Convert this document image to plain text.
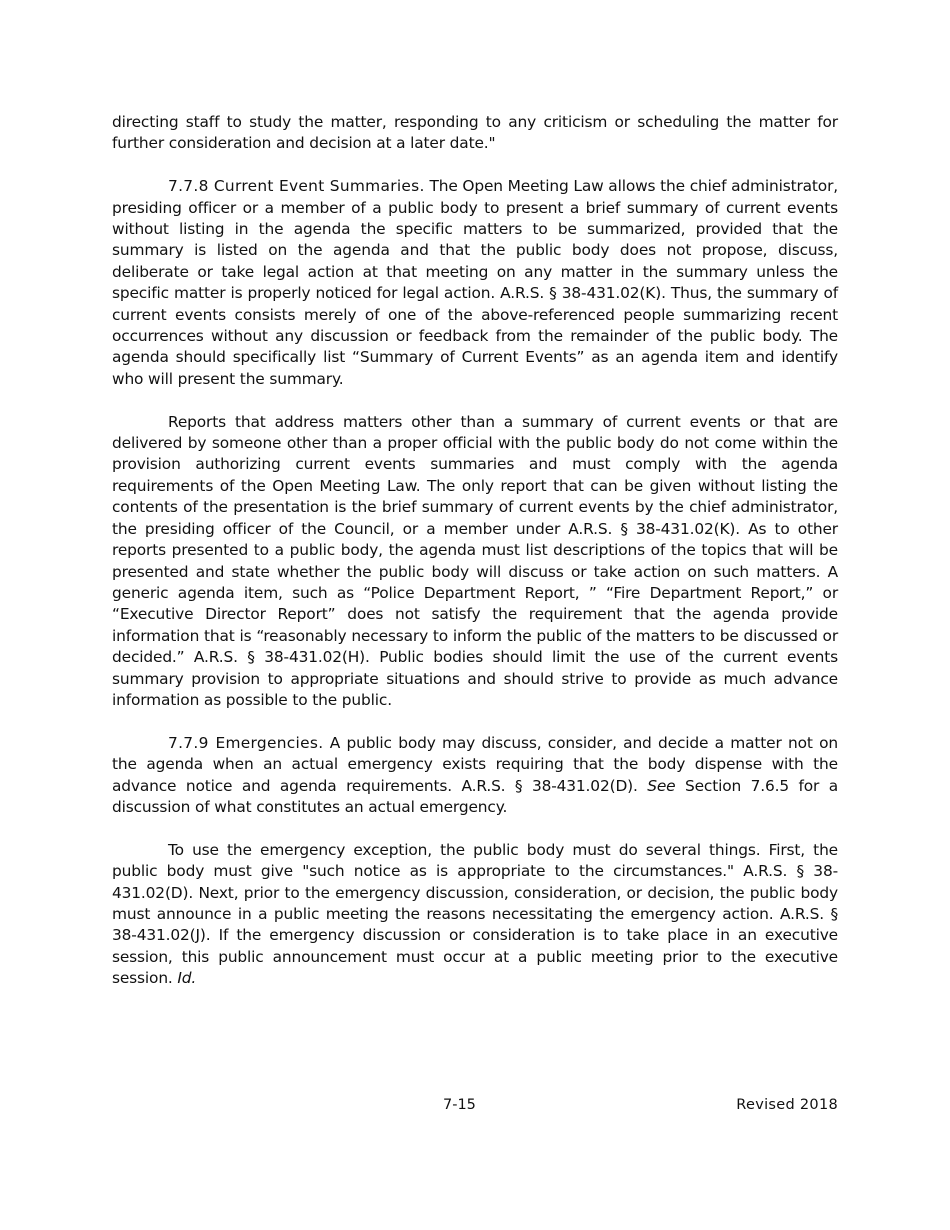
directing staff to study the matter, responding to any criticism or scheduling the matter for further consideration and decision at a later date."

7.7.8 Current Event Summaries. The Open Meeting Law allows the chief administrator, presiding officer or a member of a public body to present a brief summary of current events without listing in the agenda the specific matters to be summarized, provided that the summary is listed on the agenda and that the public body does not propose, discuss, deliberate or take legal action at that meeting on any matter in the summary unless the specific matter is properly noticed for legal action. A.R.S. § 38-431.02(K). Thus, the summary of current events consists merely of one of the above-referenced people summarizing recent occurrences without any discussion or feedback from the remainder of the public body. The agenda should specifically list “Summary of Current Events” as an agenda item and identify who will present the summary.

Reports that address matters other than a summary of current events or that are delivered by someone other than a proper official with the public body do not come within the provision authorizing current events summaries and must comply with the agenda requirements of the Open Meeting Law. The only report that can be given without listing the contents of the presentation is the brief summary of current events by the chief administrator, the presiding officer of the Council, or a member under A.R.S. § 38-431.02(K). As to other reports presented to a public body, the agenda must list descriptions of the topics that will be presented and state whether the public body will discuss or take action on such matters. A generic agenda item, such as “Police Department Report, ” “Fire Department Report,” or “Executive Director Report” does not satisfy the requirement that the agenda provide information that is “reasonably necessary to inform the public of the matters to be discussed or decided.” A.R.S. § 38-431.02(H). Public bodies should limit the use of the current events summary provision to appropriate situations and should strive to provide as much advance information as possible to the public.

7.7.9 Emergencies. A public body may discuss, consider, and decide a matter not on the agenda when an actual emergency exists requiring that the body dispense with the advance notice and agenda requirements. A.R.S. § 38-431.02(D). See Section 7.6.5 for a discussion of what constitutes an actual emergency.

To use the emergency exception, the public body must do several things. First, the public body must give "such notice as is appropriate to the circumstances." A.R.S. § 38-431.02(D). Next, prior to the emergency discussion, consideration, or decision, the public body must announce in a public meeting the reasons necessitating the emergency action. A.R.S. § 38-431.02(J). If the emergency discussion or consideration is to take place in an executive session, this public announcement must occur at a public meeting prior to the executive session. Id.

7-15	Revised 2018
